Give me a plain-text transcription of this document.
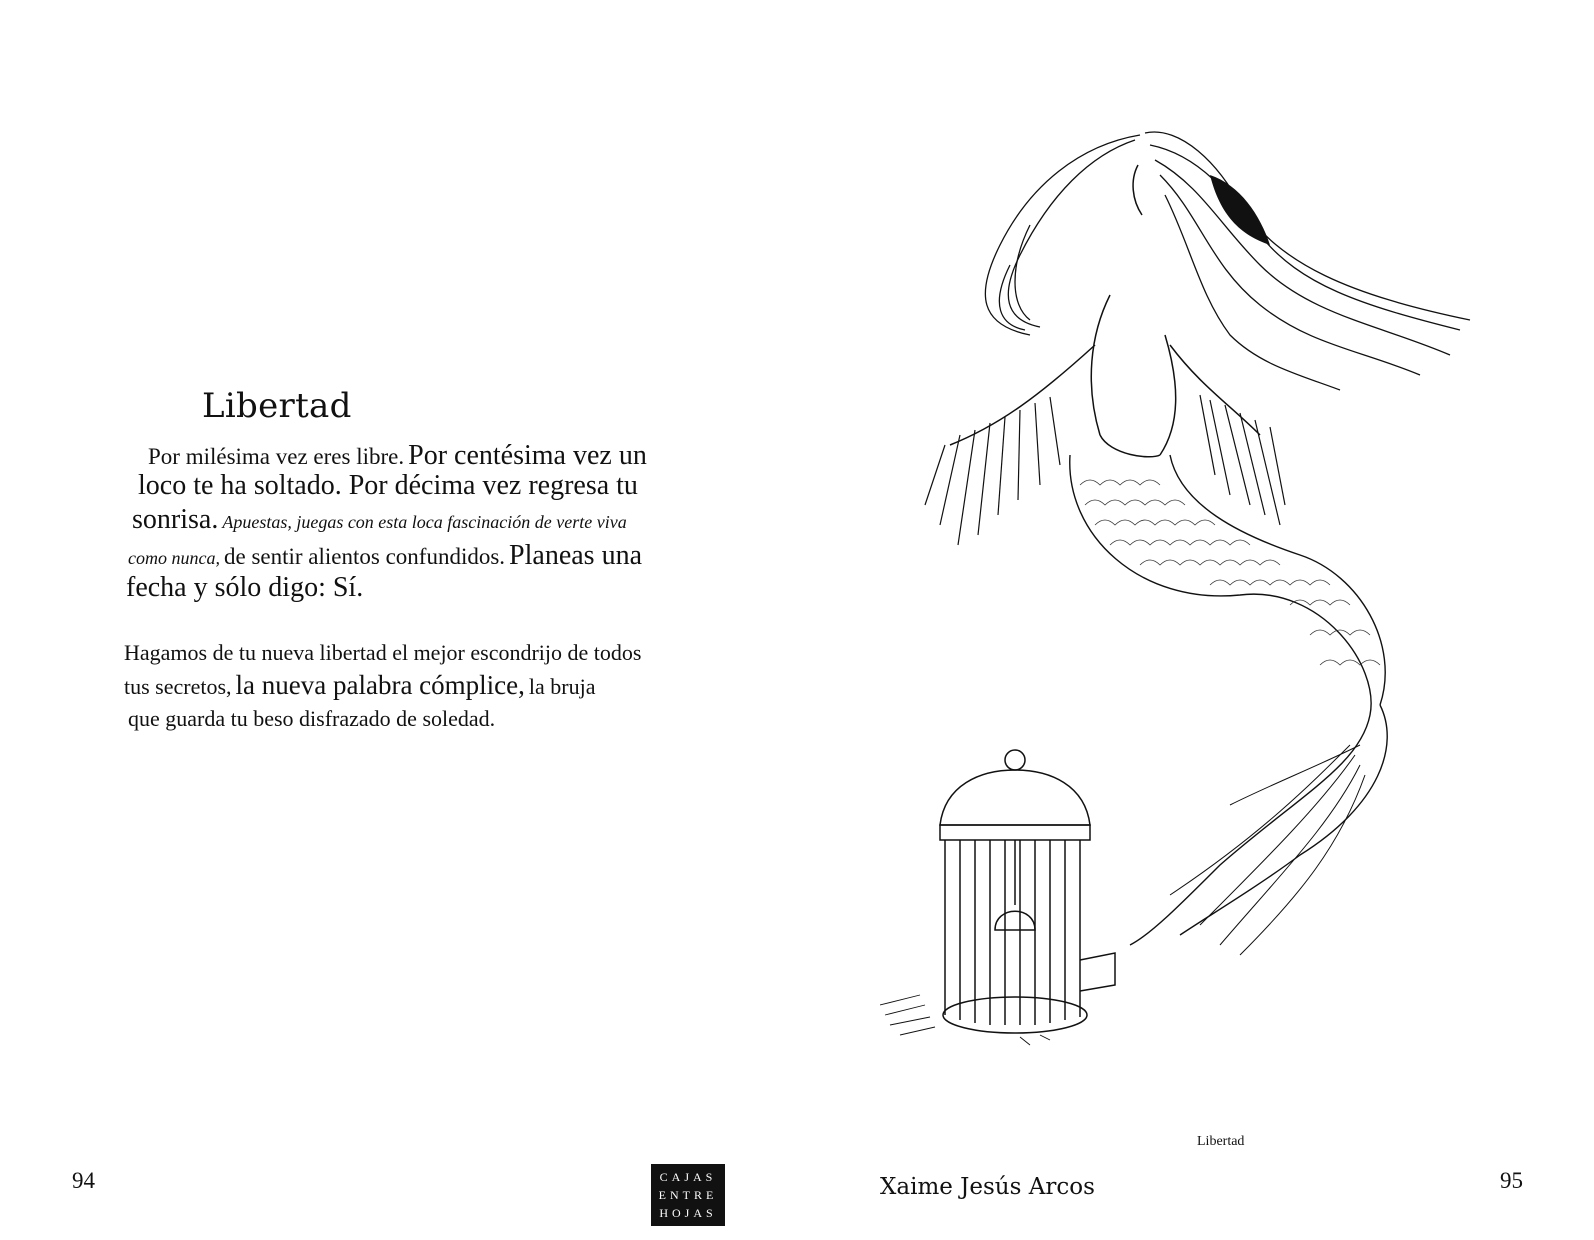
Libertad
Por milésima vez eres libre. Por centésima vez un
loco te ha soltado. Por décima vez regresa tu
sonrisa. Apuestas, juegas con esta loca fascinación de verte viva
como nunca, de sentir alientos confundidos. Planeas una
fecha y sólo digo: Sí.
Hagamos de tu nueva libertad el mejor escondrijo de todos
tus secretos, la nueva palabra cómplice, la bruja
que guarda tu beso disfrazado de soledad.
94	CAJAS
ENTRE
HOJAS
Xaime Jesús Arcos
Libertad
95
